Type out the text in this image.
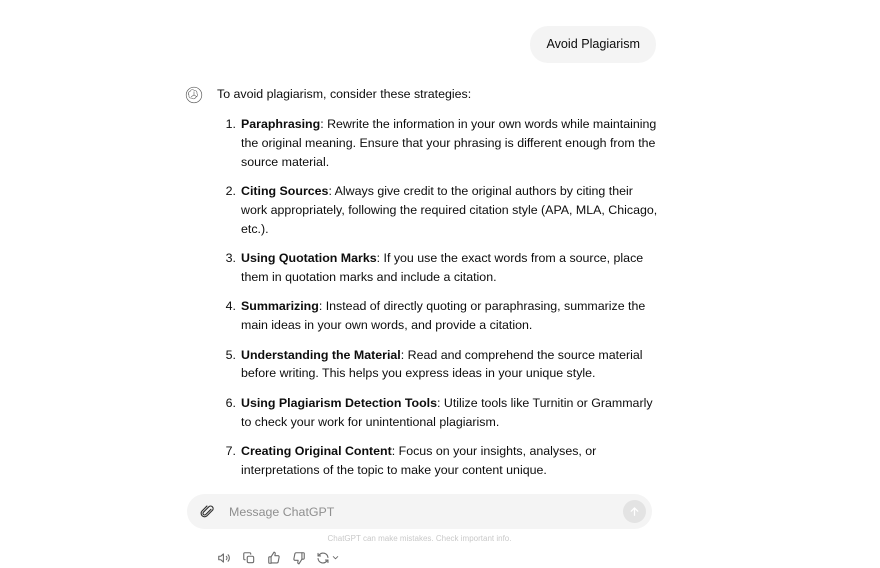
Avoid Plagiarism

To avoid plagiarism, consider these strategies:

Paraphrasing: Rewrite the information in your own words while maintaining the original meaning. Ensure that your phrasing is different enough from the source material.
Citing Sources: Always give credit to the original authors by citing their work appropriately, following the required citation style (APA, MLA, Chicago, etc.).
Using Quotation Marks: If you use the exact words from a source, place them in quotation marks and include a citation.
Summarizing: Instead of directly quoting or paraphrasing, summarize the main ideas in your own words, and provide a citation.
Understanding the Material: Read and comprehend the source material before writing. This helps you express ideas in your unique style.
Using Plagiarism Detection Tools: Utilize tools like Turnitin or Grammarly to check your work for unintentional plagiarism.
Creating Original Content: Focus on your insights, analyses, or interpretations of the topic to make your content unique.

Message ChatGPT
ChatGPT can make mistakes. Check important info.
